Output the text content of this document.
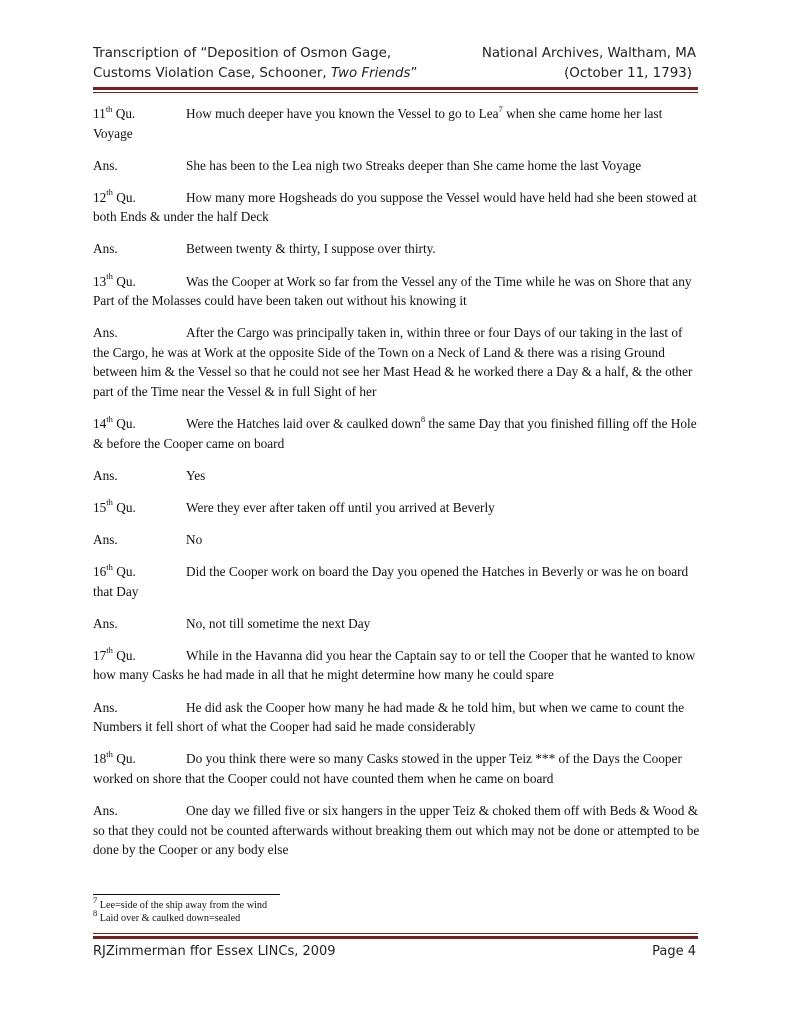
Transcription of “Deposition of Osmon Gage,	National Archives, Waltham, MA
Customs Violation Case, Schooner, Two Friends”	(October 11, 1793)

11th Qu.	How much deeper have you known the Vessel to go to Lea$^7$ when she came home her last Voyage

Ans.	She has been to the Lea nigh two Streaks deeper than She came home the last Voyage

12th Qu.	How many more Hogsheads do you suppose the Vessel would have held had she been stowed at both Ends & under the half Deck

Ans.	Between twenty & thirty, I suppose over thirty.

13th Qu.	Was the Cooper at Work so far from the Vessel any of the Time while he was on Shore that any Part of the Molasses could have been taken out without his knowing it

Ans.	After the Cargo was principally taken in, within three or four Days of our taking in the last of the Cargo, he was at Work at the opposite Side of the Town on a Neck of Land & there was a rising Ground between him & the Vessel so that he could not see her Mast Head & he worked there a Day & a half, & the other part of the Time near the Vessel & in full Sight of her

14th Qu.	Were the Hatches laid over & caulked down$^8$ the same Day that you finished filling off the Hole & before the Cooper came on board

Ans.	Yes

15th Qu.	Were they ever after taken off until you arrived at Beverly

Ans.	No

16th Qu.	Did the Cooper work on board the Day you opened the Hatches in Beverly or was he on board that Day

Ans.	No, not till sometime the next Day

17th Qu.	While in the Havanna did you hear the Captain say to or tell the Cooper that he wanted to know how many Casks he had made in all that he might determine how many he could spare

Ans.	He did ask the Cooper how many he had made & he told him, but when we came to count the Numbers it fell short of what the Cooper had said he made considerably

18th Qu.	Do you think there were so many Casks stowed in the upper Teiz *** of the Days the Cooper worked on shore that the Cooper could not have counted them when he came on board

Ans.	One day we filled five or six hangers in the upper Teiz & choked them off with Beds & Wood & so that they could not be counted afterwards without breaking them out which may not be done or attempted to be done by the Cooper or any body else

$^7$ Lee=side of the ship away from the wind
$^8$ Laid over & caulked down=sealed
RJZimmerman ffor Essex LINCs, 2009	Page 4
